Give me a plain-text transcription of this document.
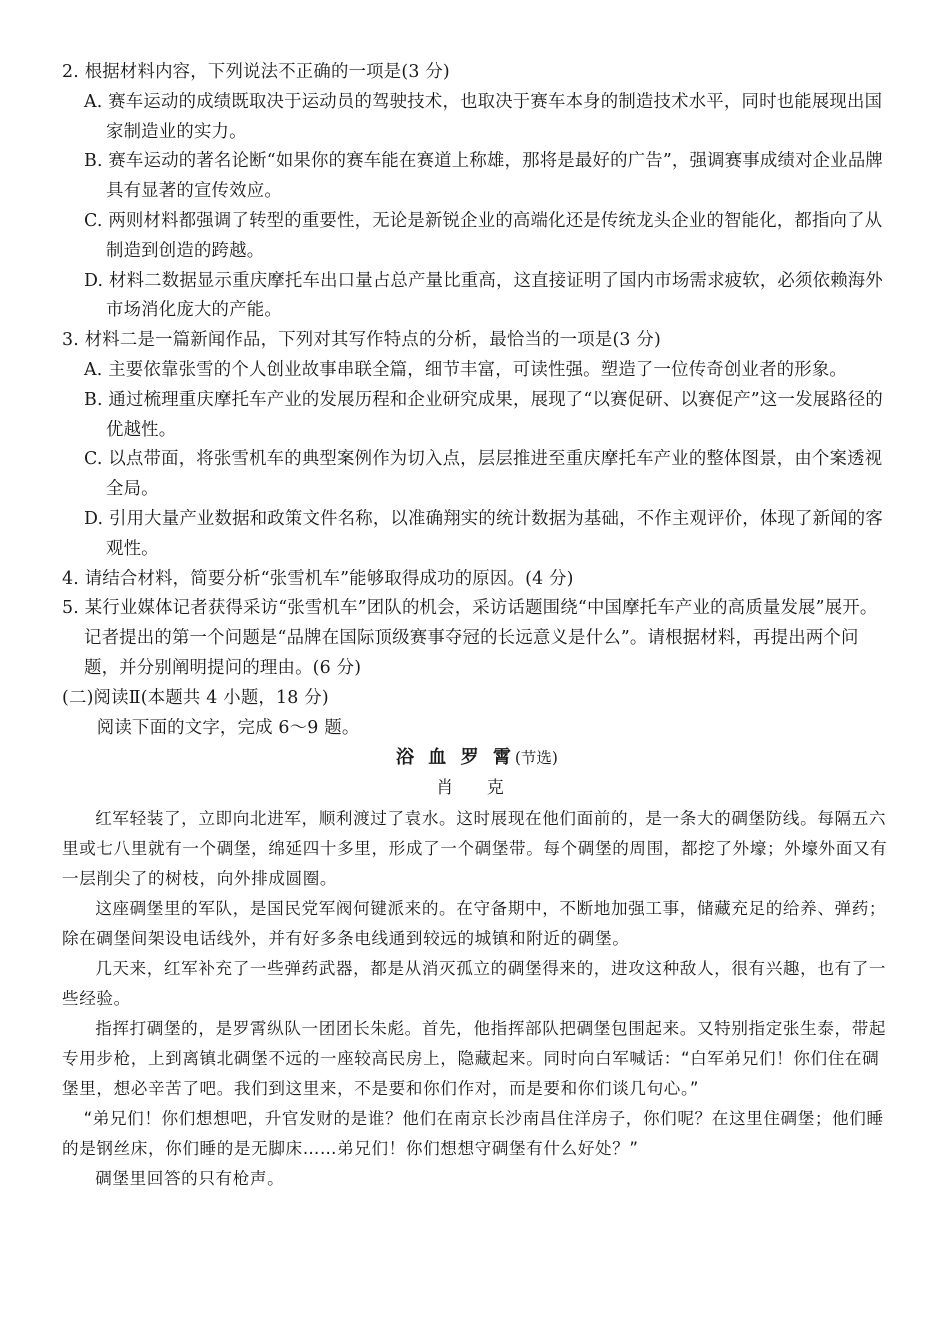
2. 根据材料内容，下列说法不正确的一项是(3 分)

A. 赛车运动的成绩既取决于运动员的驾驶技术，也取决于赛车本身的制造技术水平，同时也能展现出国家制造业的实力。

B. 赛车运动的著名论断“如果你的赛车能在赛道上称雄，那将是最好的广告”，强调赛事成绩对企业品牌具有显著的宣传效应。

C. 两则材料都强调了转型的重要性，无论是新锐企业的高端化还是传统龙头企业的智能化，都指向了从制造到创造的跨越。

D. 材料二数据显示重庆摩托车出口量占总产量比重高，这直接证明了国内市场需求疲软，必须依赖海外市场消化庞大的产能。

3. 材料二是一篇新闻作品，下列对其写作特点的分析，最恰当的一项是(3 分)

A. 主要依靠张雪的个人创业故事串联全篇，细节丰富，可读性强。塑造了一位传奇创业者的形象。

B. 通过梳理重庆摩托车产业的发展历程和企业研究成果，展现了“以赛促研、以赛促产”这一发展路径的优越性。

C. 以点带面，将张雪机车的典型案例作为切入点，层层推进至重庆摩托车产业的整体图景，由个案透视全局。

D. 引用大量产业数据和政策文件名称，以准确翔实的统计数据为基础，不作主观评价，体现了新闻的客观性。

4. 请结合材料，简要分析“张雪机车”能够取得成功的原因。(4 分)

5. 某行业媒体记者获得采访“张雪机车”团队的机会，采访话题围绕“中国摩托车产业的高质量发展”展开。记者提出的第一个问题是“品牌在国际顶级赛事夺冠的长远意义是什么”。请根据材料，再提出两个问题，并分别阐明提问的理由。(6 分)

(二)阅读Ⅱ(本题共 4 小题，18 分)

阅读下面的文字，完成 6～9 题。

浴 血 罗 霄(节选)

肖 克

红军轻装了，立即向北进军，顺利渡过了袁水。这时展现在他们面前的，是一条大的碉堡防线。每隔五六里或七八里就有一个碉堡，绵延四十多里，形成了一个碉堡带。每个碉堡的周围，都挖了外壕；外壕外面又有一层削尖了的树枝，向外排成圆圈。

这座碉堡里的军队，是国民党军阀何键派来的。在守备期中，不断地加强工事，储藏充足的给养、弹药；除在碉堡间架设电话线外，并有好多条电线通到较远的城镇和附近的碉堡。

几天来，红军补充了一些弹药武器，都是从消灭孤立的碉堡得来的，进攻这种敌人，很有兴趣，也有了一些经验。

指挥打碉堡的，是罗霄纵队一团团长朱彪。首先，他指挥部队把碉堡包围起来。又特别指定张生泰，带起专用步枪，上到离镇北碉堡不远的一座较高民房上，隐藏起来。同时向白军喊话：“白军弟兄们！你们住在碉堡里，想必辛苦了吧。我们到这里来，不是要和你们作对，而是要和你们谈几句心。”

“弟兄们！你们想想吧，升官发财的是谁？他们在南京长沙南昌住洋房子，你们呢？在这里住碉堡；他们睡的是钢丝床，你们睡的是无脚床……弟兄们！你们想想守碉堡有什么好处？”

碉堡里回答的只有枪声。
